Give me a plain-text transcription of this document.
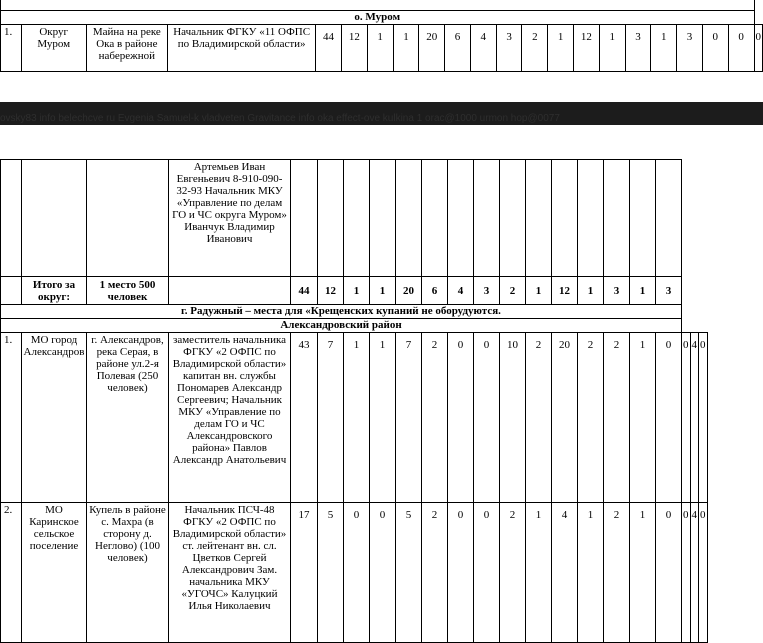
о. Муром
1.	Округ Муром	Майна на реке Ока в районе набережной	Начальник ФГКУ «11 ОФПС по Владимирской области»	44	12	1	1	20	6	4	3	2	1	12	1	3	1	3	0	0	0
ovsky83 info belechcve ru Evgenia Samuel-k vladveten Gravitance info oka effect-ove kulkina 1 orac@1000 urmon hop@0077
			Артемьев Иван Евгеньевич 8-910-090-32-93 Начальник МКУ «Управление по делам ГО и ЧС округа Муром» Иванчук Владимир Иванович																		
	Итого за округ:	1 место 500 человек		44	12	1	1	20	6	4	3	2	1	12	1	3	1	3			
г. Радужный – места для «Крещенских купаний не оборудуются.																					
Александровский район																					
1.	МО город Александров	г. Александров, река Серая, в районе ул.2-я Полевая (250 человек)	заместитель начальника ФГКУ «2 ОФПС по Владимирской области» капитан вн. службы Пономарев Александр Сергеевич; Начальник МКУ «Управление по делам ГО и ЧС Александровского района» Павлов Александр Анатольевич	43	7	1	1	7	2	0	0	10	2	20	2	2	1	0	0	4	0
2.	МО Каринское сельское поселение	Купель в районе с. Махра (в сторону д. Неглово) (100 человек)	Начальник ПСЧ-48 ФГКУ «2 ОФПС по Владимирской области» ст. лейтенант вн. сл. Цветков Сергей Александрович Зам. начальника МКУ «УГОЧС» Калуцкий Илья Николаевич	17	5	0	0	5	2	0	0	2	1	4	1	2	1	0	0	4	0
